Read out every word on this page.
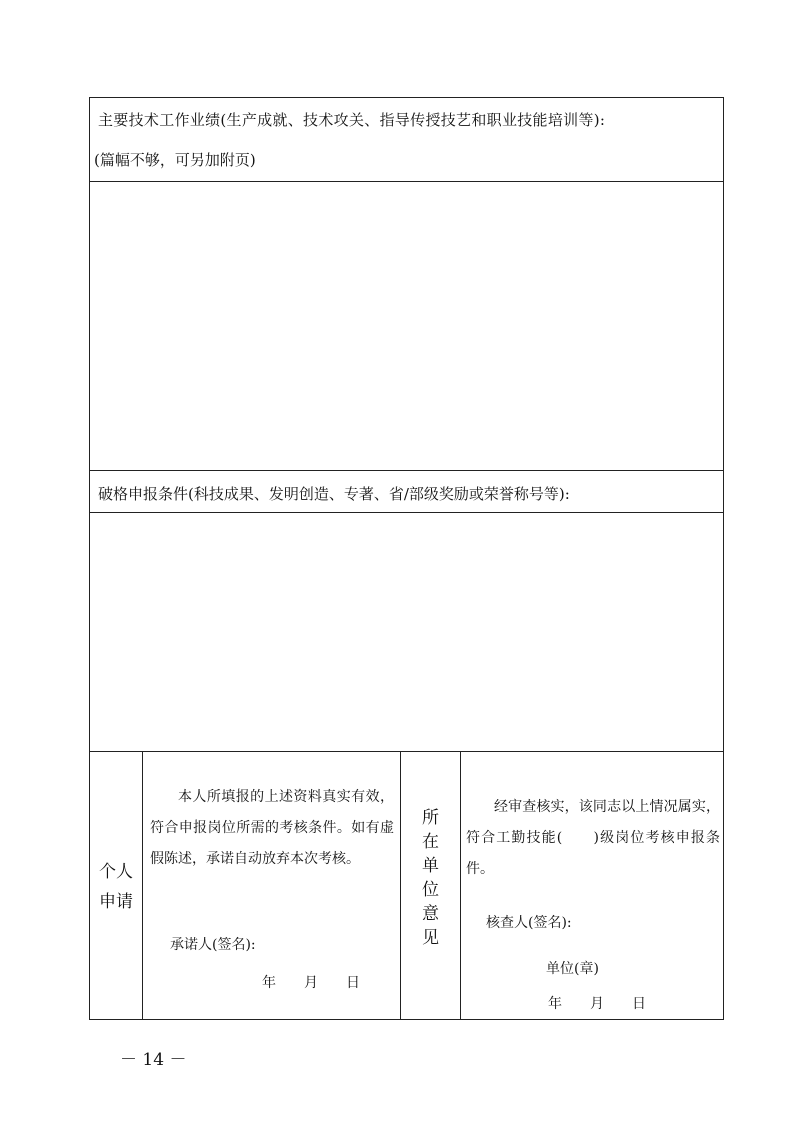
主要技术工作业绩(生产成就、技术攻关、指导传授技艺和职业技能培训等):
(篇幅不够，可另加附页)
破格申报条件(科技成果、发明创造、专著、省/部级奖励或荣誉称号等):
个人
申请
本人所填报的上述资料真实有效，符合申报岗位所需的考核条件。如有虚假陈述，承诺自动放弃本次考核。
承诺人(签名):
年　　月　　日
所
在
单
位
意
见
经审查核实，该同志以上情况属实，符合工勤技能(　　)级岗位考核申报条件。
核查人(签名):
单位(章)
年　　月　　日
－ 14 －
